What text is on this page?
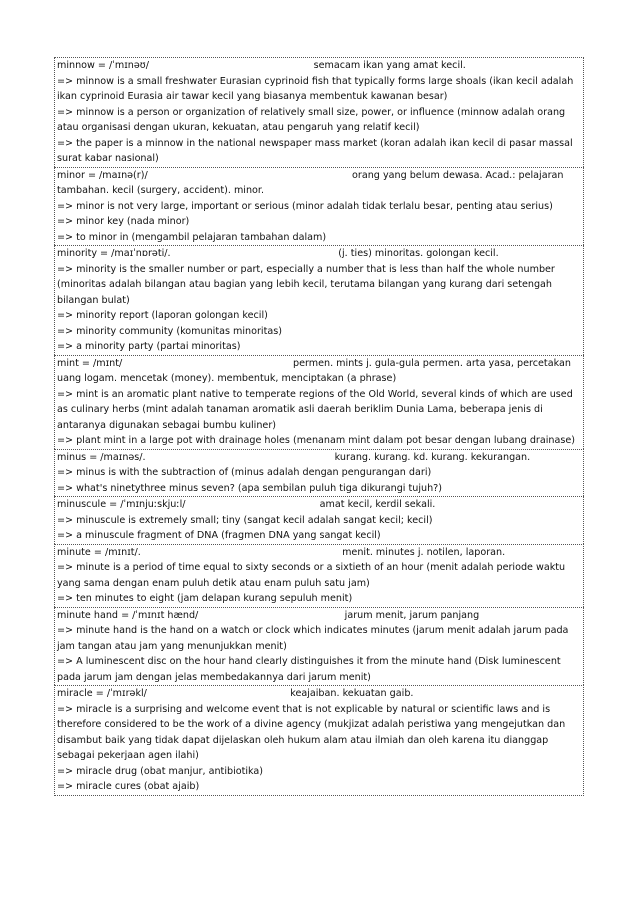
minnow = /ˈmɪnəʊ/                                                      semacam ikan yang amat kecil.
=> minnow is a small freshwater Eurasian cyprinoid fish that typically forms large shoals (ikan kecil adalah ikan cyprinoid Eurasia air tawar kecil yang biasanya membentuk kawanan besar)
=> minnow is a person or organization of relatively small size, power, or influence (minnow adalah orang atau organisasi dengan ukuran, kekuatan, atau pengaruh yang relatif kecil)
=> the paper is a minnow in the national newspaper mass market (koran adalah ikan kecil di pasar massal surat kabar nasional)
minor = /maɪnə(r)/                                                                   orang yang belum dewasa. Acad.: pelajaran tambahan. kecil (surgery, accident). minor.
=> minor is not very large, important or serious (minor adalah tidak terlalu besar, penting atau serius)
=> minor key (nada minor)
=> to minor in (mengambil pelajaran tambahan dalam)
minority = /maɪˈnɒrəti/.                                                       (j. ties) minoritas. golongan kecil.
=> minority is the smaller number or part, especially a number that is less than half the whole number (minoritas adalah bilangan atau bagian yang lebih kecil, terutama bilangan yang kurang dari setengah bilangan bulat)
=> minority report (laporan golongan kecil)
=> minority community (komunitas minoritas)
=> a minority party (partai minoritas)
mint = /mɪnt/                                                        permen. mints j. gula-gula permen. arta yasa, percetakan uang logam. mencetak (money). membentuk, menciptakan (a phrase)
=> mint is an aromatic plant native to temperate regions of the Old World, several kinds of which are used as culinary herbs (mint adalah tanaman aromatik asli daerah beriklim Dunia Lama, beberapa jenis di antaranya digunakan sebagai bumbu kuliner)
=> plant mint in a large pot with drainage holes (menanam mint dalam pot besar dengan lubang drainase)
minus = /maɪnəs/.                                                              kurang. kurang. kd. kurang. kekurangan.
=> minus is with the subtraction of (minus adalah dengan pengurangan dari)
=> what's ninetythree minus seven? (apa sembilan puluh tiga dikurangi tujuh?)
minuscule = /ˈmɪnjuːskjuːl/                                            amat kecil, kerdil sekali.
=> minuscule is extremely small; tiny (sangat kecil adalah sangat kecil; kecil)
=> a minuscule fragment of DNA (fragmen DNA yang sangat kecil)
minute = /mɪnɪt/.                                                                  menit. minutes j. notilen, laporan.
=> minute is a period of time equal to sixty seconds or a sixtieth of an hour (menit adalah periode waktu yang sama dengan enam puluh detik atau enam puluh satu jam)
=> ten minutes to eight (jam delapan kurang sepuluh menit)
minute hand = /ˈmɪnɪt hænd/                                                jarum menit, jarum panjang
=> minute hand is the hand on a watch or clock which indicates minutes (jarum menit adalah jarum pada jam tangan atau jam yang menunjukkan menit)
=> A luminescent disc on the hour hand clearly distinguishes it from the minute hand (Disk luminescent pada jarum jam dengan jelas membedakannya dari jarum menit)
miracle = /ˈmɪrəkl/                                               keajaiban. kekuatan gaib.
=> miracle is a surprising and welcome event that is not explicable by natural or scientific laws and is therefore considered to be the work of a divine agency (mukjizat adalah peristiwa yang mengejutkan dan disambut baik yang tidak dapat dijelaskan oleh hukum alam atau ilmiah dan oleh karena itu dianggap sebagai pekerjaan agen ilahi)
=> miracle drug (obat manjur, antibiotika)
=> miracle cures (obat ajaib)
